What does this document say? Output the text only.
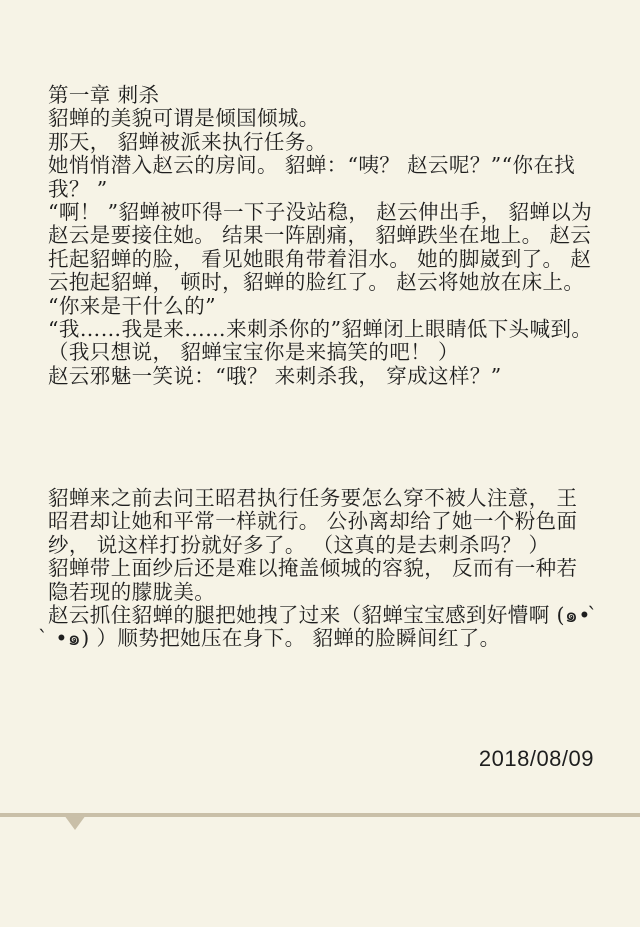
第一章 刺杀

貂蝉的美貌可谓是倾国倾城。

那天， 貂蝉被派来执行任务。

她悄悄潜入赵云的房间。 貂蝉：“咦？ 赵云呢？”“你在找我？ ”

“啊！ ”貂蝉被吓得一下子没站稳， 赵云伸出手， 貂蝉以为赵云是要接住她。 结果一阵剧痛， 貂蝉跌坐在地上。 赵云托起貂蝉的脸， 看见她眼角带着泪水。 她的脚崴到了。 赵云抱起貂蝉， 顿时，貂蝉的脸红了。 赵云将她放在床上。

“你来是干什么的”

“我……我是来……来刺杀你的”貂蝉闭上眼睛低下头喊到。 （我只想说， 貂蝉宝宝你是来搞笑的吧！ ）

赵云邪魅一笑说：“哦？ 来刺杀我， 穿成这样？”

貂蝉来之前去问王昭君执行任务要怎么穿不被人注意， 王昭君却让她和平常一样就行。 公孙离却给了她一个粉色面纱， 说这样打扮就好多了。 （这真的是去刺杀吗？ ）

貂蝉带上面纱后还是难以掩盖倾城的容貌， 反而有一种若隐若现的朦胧美。

赵云抓住貂蝉的腿把她拽了过来（貂蝉宝宝感到好懵啊 (๑• ̀ •๑) ）顺势把她压在身下。 貂蝉的脸瞬间红了。

2018/08/09
